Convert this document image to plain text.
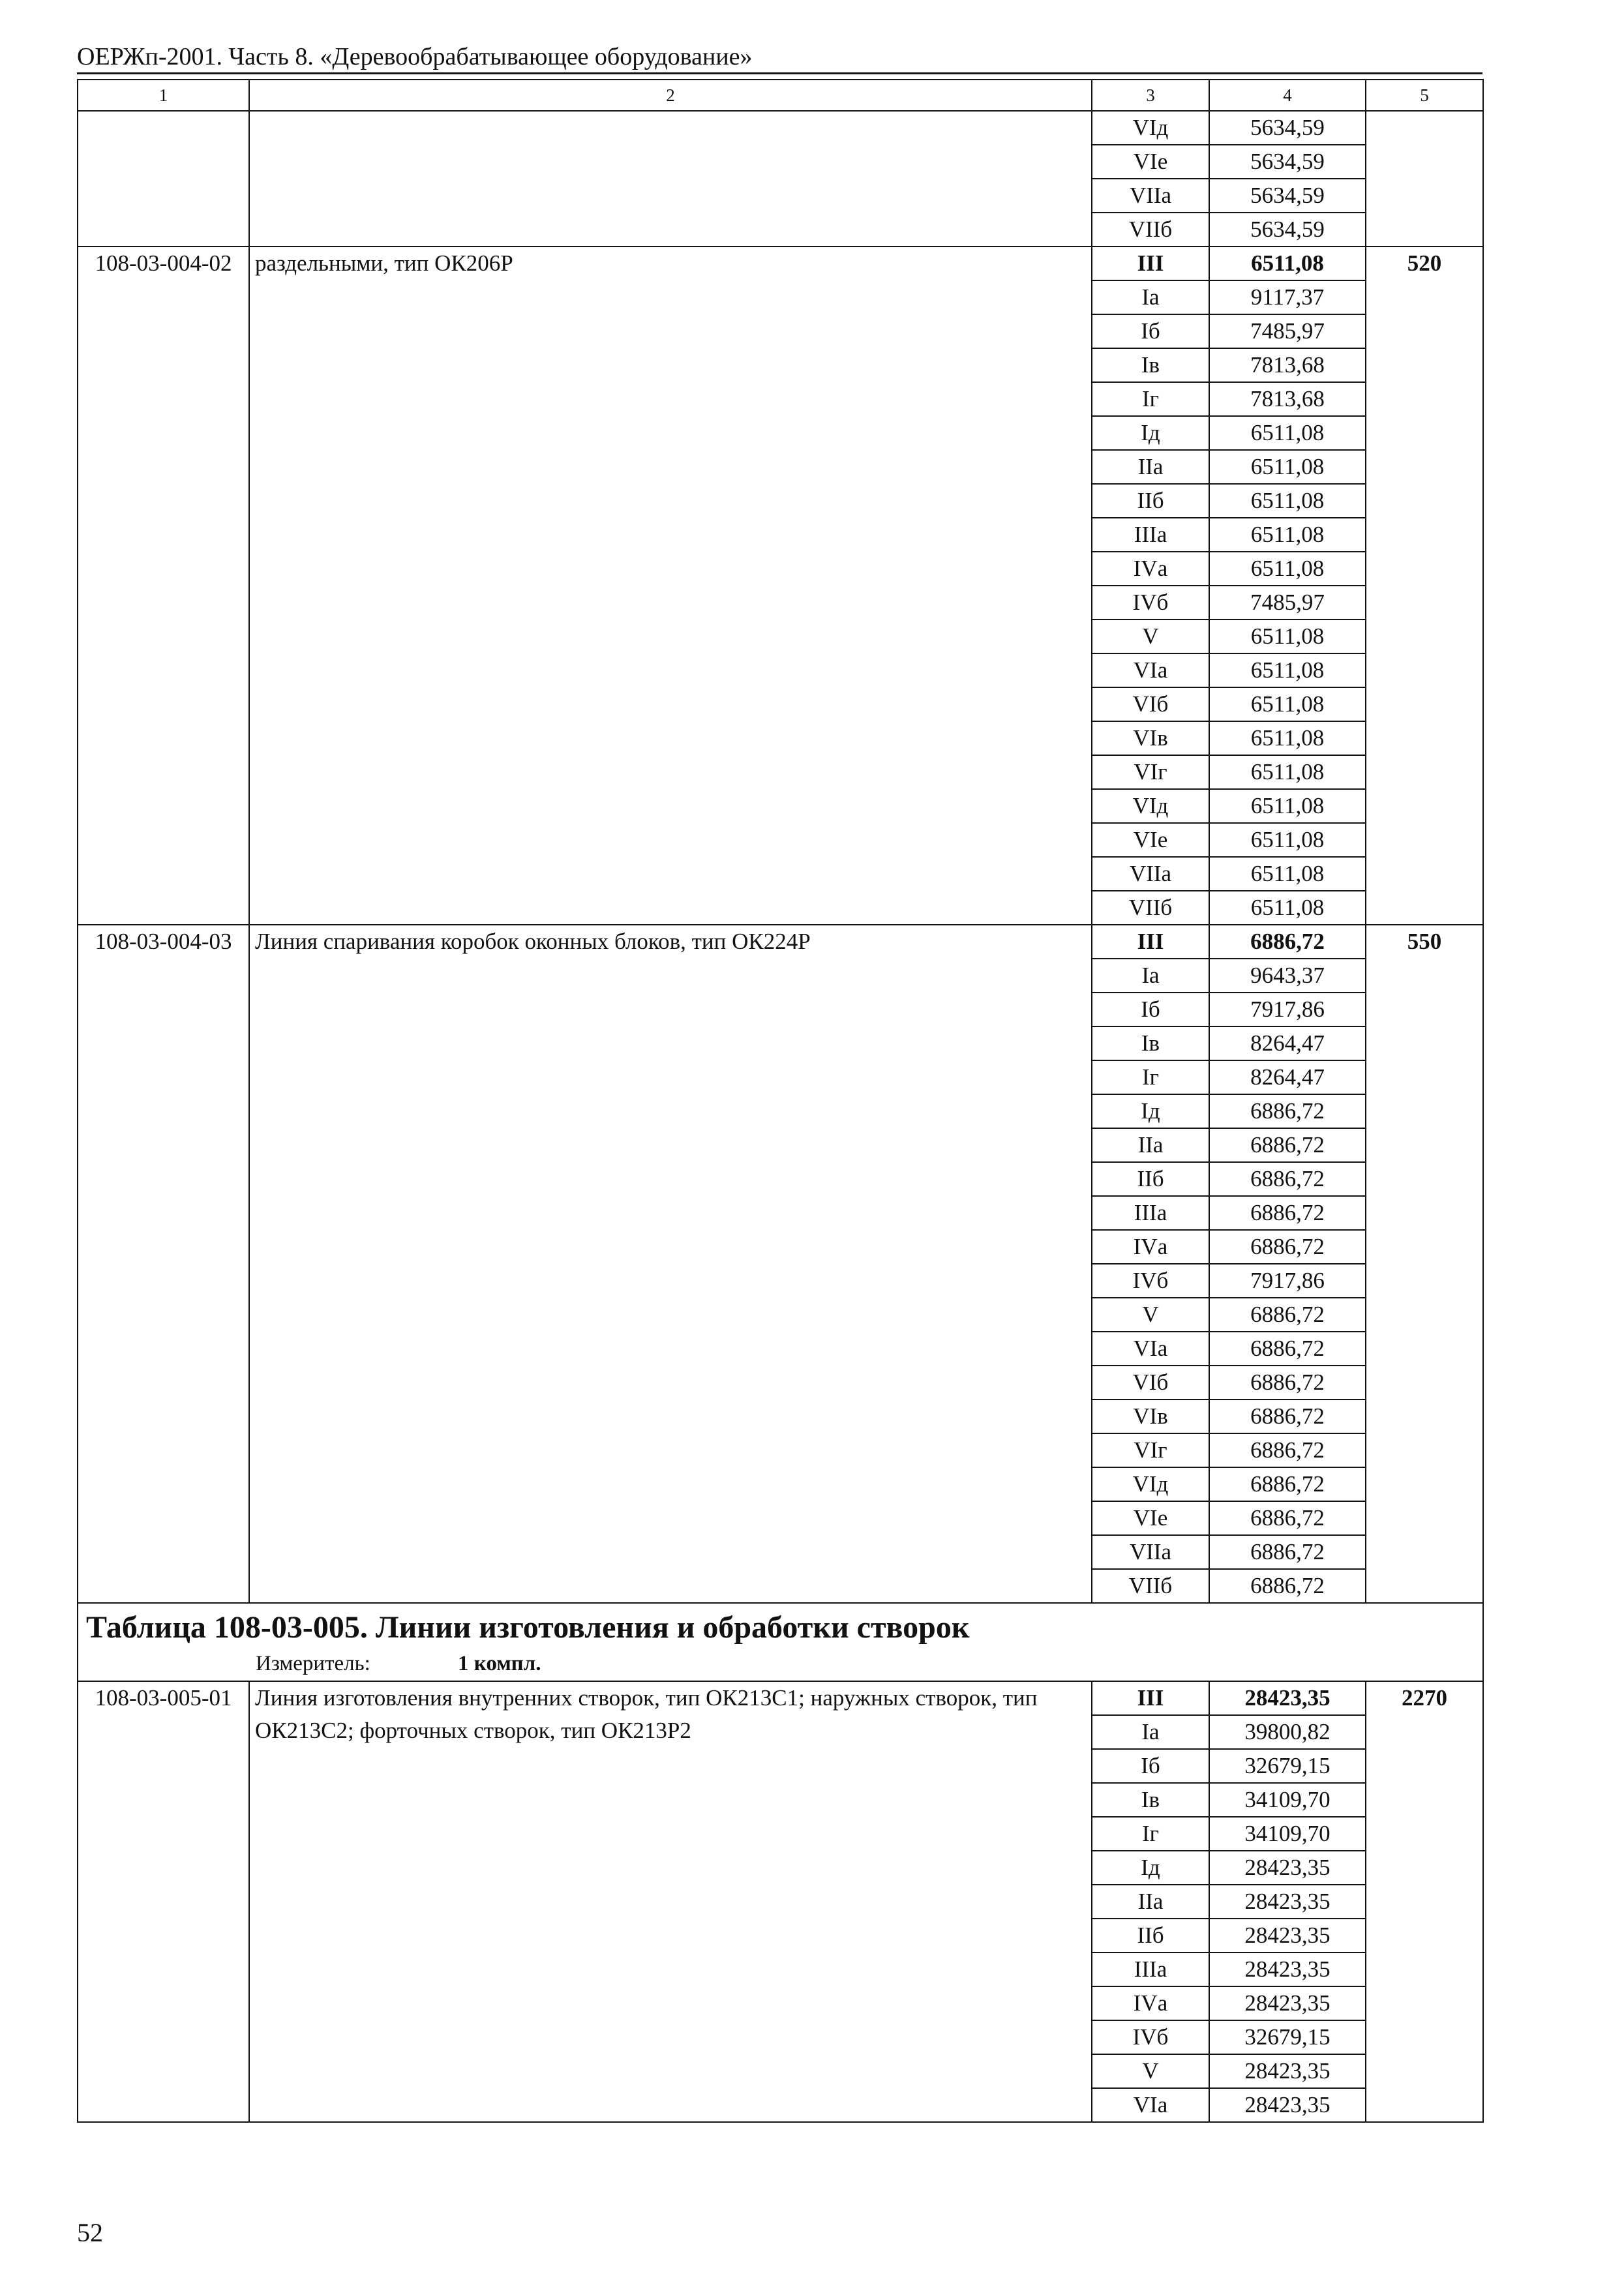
ОЕРЖп-2001. Часть 8. «Деревообрабатывающее оборудование»
1	2	3	4	5
		VIд	5634,59	
		VIе	5634,59	
		VIIа	5634,59	
		VIIб	5634,59	
108-03-004-02	раздельными, тип ОК206Р	III	6511,08	520
		Iа	9117,37	
		Iб	7485,97	
		Iв	7813,68	
		Iг	7813,68	
		Iд	6511,08	
		IIа	6511,08	
		IIб	6511,08	
		IIIа	6511,08	
		IVа	6511,08	
		IVб	7485,97	
		V	6511,08	
		VIа	6511,08	
		VIб	6511,08	
		VIв	6511,08	
		VIг	6511,08	
		VIд	6511,08	
		VIе	6511,08	
		VIIа	6511,08	
		VIIб	6511,08	
108-03-004-03	Линия спаривания коробок оконных блоков, тип ОК224Р	III	6886,72	550
		Iа	9643,37	
		Iб	7917,86	
		Iв	8264,47	
		Iг	8264,47	
		Iд	6886,72	
		IIа	6886,72	
		IIб	6886,72	
		IIIа	6886,72	
		IVа	6886,72	
		IVб	7917,86	
		V	6886,72	
		VIа	6886,72	
		VIб	6886,72	
		VIв	6886,72	
		VIг	6886,72	
		VIд	6886,72	
		VIе	6886,72	
		VIIа	6886,72	
		VIIб	6886,72	

Таблица 108-03-005. Линии изготовления и обработки створок
Измеритель: 1 компл.				

108-03-005-01	Линия изготовления внутренних створок, тип ОК213С1; наружных створок, тип ОК213С2; форточных створок, тип ОК213Р2	III	28423,35	2270
		Iа	39800,82	
		Iб	32679,15	
		Iв	34109,70	
		Iг	34109,70	
		Iд	28423,35	
		IIа	28423,35	
		IIб	28423,35	
		IIIа	28423,35	
		IVа	28423,35	
		IVб	32679,15	
		V	28423,35	
		VIа	28423,35	
52
